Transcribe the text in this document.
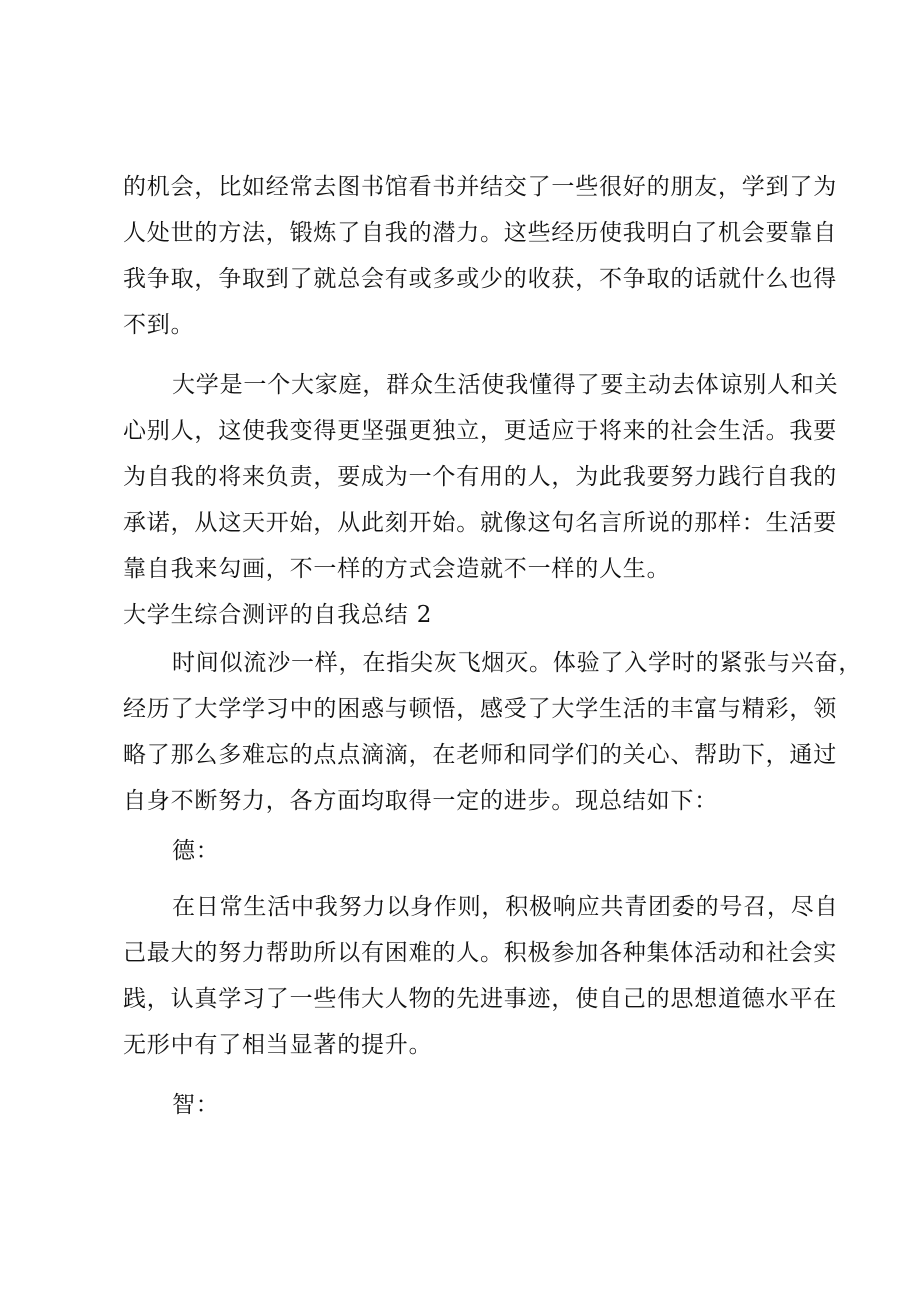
的机会，比如经常去图书馆看书并结交了一些很好的朋友，学到了为
人处世的方法，锻炼了自我的潜力。这些经历使我明白了机会要靠自
我争取，争取到了就总会有或多或少的收获，不争取的话就什么也得
不到。
大学是一个大家庭，群众生活使我懂得了要主动去体谅别人和关
心别人，这使我变得更坚强更独立，更适应于将来的社会生活。我要
为自我的将来负责，要成为一个有用的人，为此我要努力践行自我的
承诺，从这天开始，从此刻开始。就像这句名言所说的那样：生活要
靠自我来勾画，不一样的方式会造就不一样的人生。
大学生综合测评的自我总结 2
时间似流沙一样，在指尖灰飞烟灭。体验了入学时的紧张与兴奋，
经历了大学学习中的困惑与顿悟，感受了大学生活的丰富与精彩，领
略了那么多难忘的点点滴滴，在老师和同学们的关心、帮助下，通过
自身不断努力，各方面均取得一定的进步。现总结如下：
德：
在日常生活中我努力以身作则，积极响应共青团委的号召，尽自
己最大的努力帮助所以有困难的人。积极参加各种集体活动和社会实
践，认真学习了一些伟大人物的先进事迹，使自己的思想道德水平在
无形中有了相当显著的提升。
智：
